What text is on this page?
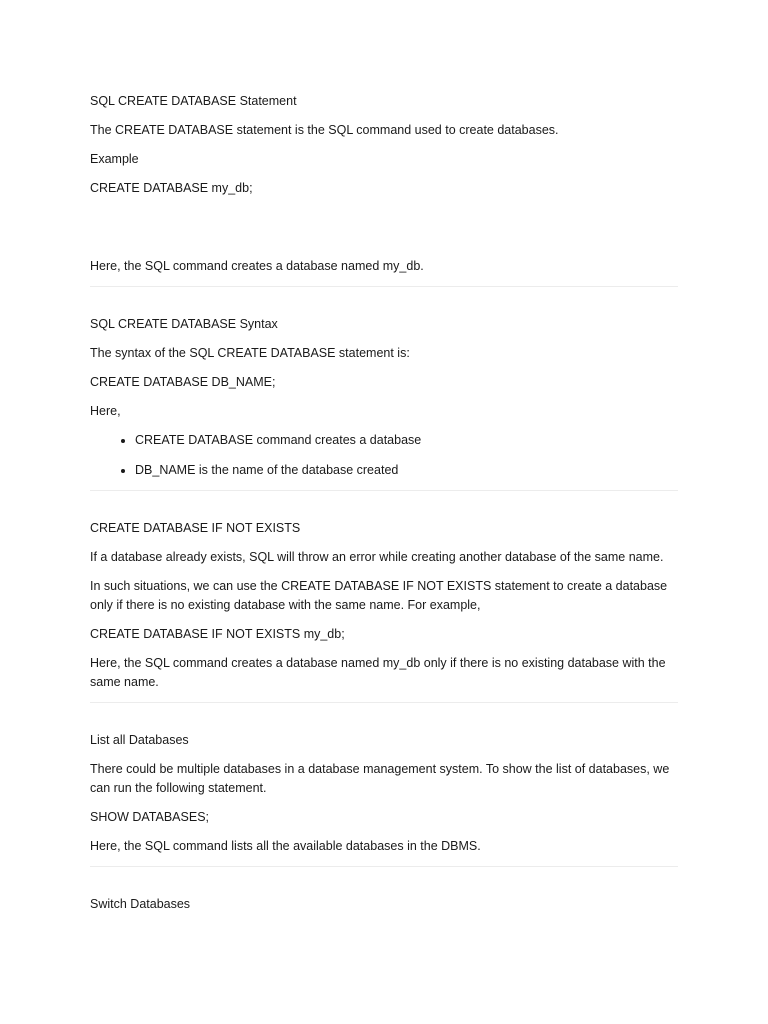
SQL CREATE DATABASE Statement

The CREATE DATABASE statement is the SQL command used to create databases.

Example

CREATE DATABASE my_db;

Here, the SQL command creates a database named my_db.

SQL CREATE DATABASE Syntax

The syntax of the SQL CREATE DATABASE statement is:

CREATE DATABASE DB_NAME;

Here,

• CREATE DATABASE command creates a database
• DB_NAME is the name of the database created

CREATE DATABASE IF NOT EXISTS

If a database already exists, SQL will throw an error while creating another database of the same name.

In such situations, we can use the CREATE DATABASE IF NOT EXISTS statement to create a database only if there is no existing database with the same name. For example,

CREATE DATABASE IF NOT EXISTS my_db;

Here, the SQL command creates a database named my_db only if there is no existing database with the same name.

List all Databases

There could be multiple databases in a database management system. To show the list of databases, we can run the following statement.

SHOW DATABASES;

Here, the SQL command lists all the available databases in the DBMS.

Switch Databases
